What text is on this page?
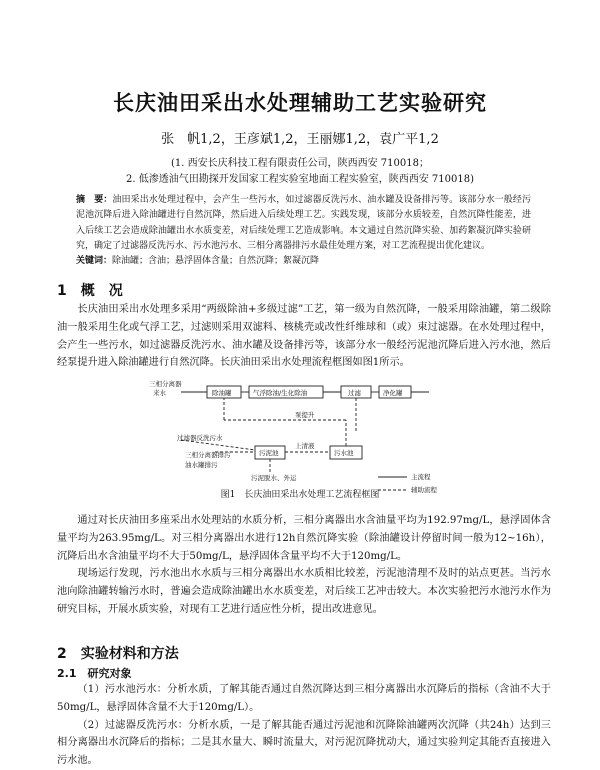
长庆油田采出水处理辅助工艺实验研究
张　帆1,2，王彦斌1,2，王丽娜1,2，袁广平1,2
(1. 西安长庆科技工程有限责任公司，陕西西安 710018；
2. 低渗透油气田勘探开发国家工程实验室地面工程实验室，陕西西安 710018)
摘　要：油田采出水处理过程中，会产生一些污水，如过滤器反洗污水、油水罐及设备排污等。该部分水一般经污泥池沉降后进入除油罐进行自然沉降，然后进入后续处理工艺。实践发现，该部分水质较差，自然沉降性能差，进入后续工艺会造成除油罐出水水质变差，对后续处理工艺造成影响。本文通过自然沉降实验、加药絮凝沉降实验研究，确定了过滤器反洗污水、污水池污水、三相分离器排污水最佳处理方案，对工艺流程提出优化建议。
关键词：除油罐；含油；悬浮固体含量；自然沉降；絮凝沉降
1　概　况

长庆油田采出水处理多采用“两级除油+多级过滤”工艺，第一级为自然沉降，一般采用除油罐，第二级除油一般采用生化或气浮工艺，过滤则采用双滤料、核桃壳或改性纤维球和（或）束过滤器。在水处理过程中，会产生一些污水，如过滤器反洗污水、油水罐及设备排污等，该部分水一般经污泥池沉降后进入污水池，然后经泵提升进入除油罐进行自然沉降。长庆油田采出水处理流程框图如图1所示。

三相分离器
来水	除油罐	气浮除油/生化除油	过滤	净化罐
泵提升
过滤器反洗污水
三相分离器排污
油水罐排污
污泥池
上清液
污水池
污泥脱水、外运	主流程
辅助流程
图1　长庆油田采出水处理工艺流程框图

通过对长庆油田多座采出水处理站的水质分析，三相分离器出水含油量平均为192.97mg/L，悬浮固体含量平均为263.95mg/L。对三相分离器出水进行12h自然沉降实验（除油罐设计停留时间一般为12~16h），沉降后出水含油量平均不大于50mg/L，悬浮固体含量平均不大于120mg/L。

现场运行发现，污水池出水水质与三相分离器出水水质相比较差，污泥池清理不及时的站点更甚。当污水池向除油罐转输污水时，普遍会造成除油罐出水水质变差，对后续工艺冲击较大。本次实验把污水池污水作为研究目标，开展水质实验，对现有工艺进行适应性分析，提出改进意见。

2　实验材料和方法
2.1　研究对象

（1）污水池污水：分析水质，了解其能否通过自然沉降达到三相分离器出水沉降后的指标（含油不大于50mg/L，悬浮固体含量不大于120mg/L）。

（2）过滤器反洗污水：分析水质，一是了解其能否通过污泥池和沉降除油罐两次沉降（共24h）达到三相分离器出水沉降后的指标；二是其水量大、瞬时流量大，对污泥沉降扰动大，通过实验判定其能否直接进入污水池。
